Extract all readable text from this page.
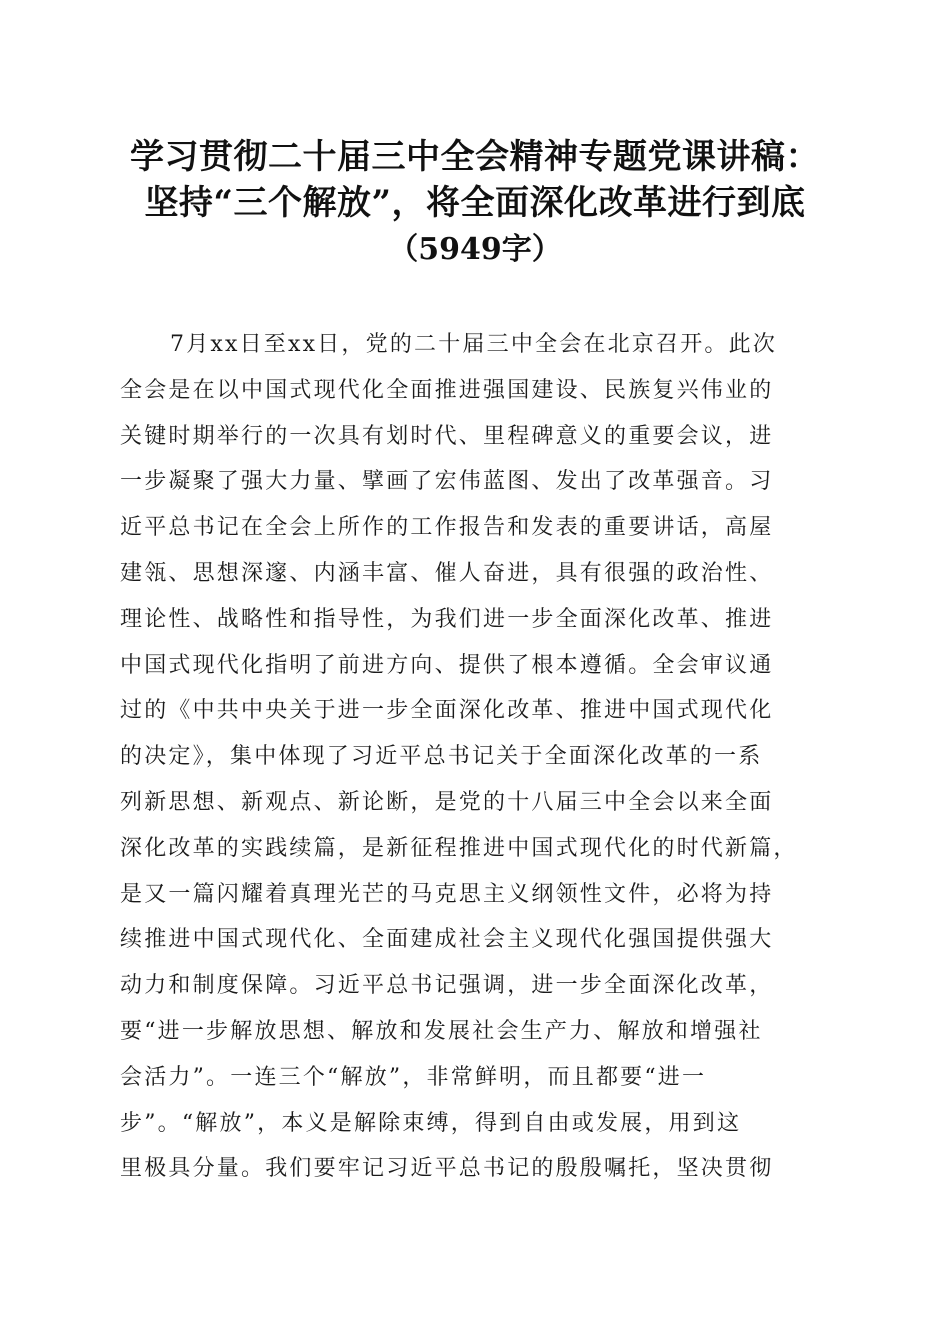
学习贯彻二十届三中全会精神专题党课讲稿：
坚持“三个解放”，将全面深化改革进行到底
（5949字）
7月xx日至xx日，党的二十届三中全会在北京召开。此次
全会是在以中国式现代化全面推进强国建设、民族复兴伟业的
关键时期举行的一次具有划时代、里程碑意义的重要会议，进
一步凝聚了强大力量、擘画了宏伟蓝图、发出了改革强音。习
近平总书记在全会上所作的工作报告和发表的重要讲话，高屋
建瓴、思想深邃、内涵丰富、催人奋进，具有很强的政治性、
理论性、战略性和指导性，为我们进一步全面深化改革、推进
中国式现代化指明了前进方向、提供了根本遵循。全会审议通
过的《中共中央关于进一步全面深化改革、推进中国式现代化
的决定》，集中体现了习近平总书记关于全面深化改革的一系
列新思想、新观点、新论断，是党的十八届三中全会以来全面
深化改革的实践续篇，是新征程推进中国式现代化的时代新篇，
是又一篇闪耀着真理光芒的马克思主义纲领性文件，必将为持
续推进中国式现代化、全面建成社会主义现代化强国提供强大
动力和制度保障。习近平总书记强调，进一步全面深化改革，
要“进一步解放思想、解放和发展社会生产力、解放和增强社
会活力”。一连三个“解放”，非常鲜明，而且都要“进一
步”。“解放”，本义是解除束缚，得到自由或发展，用到这
里极具分量。我们要牢记习近平总书记的殷殷嘱托，坚决贯彻
